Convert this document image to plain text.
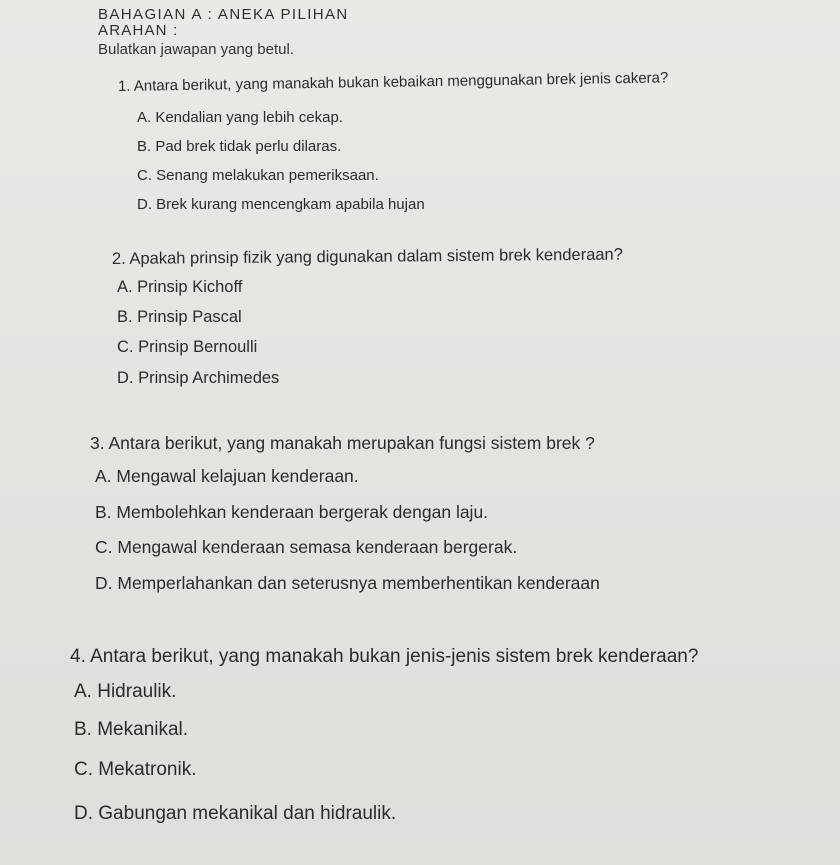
BAHAGIAN A : ANEKA PILIHAN
ARAHAN :
Bulatkan jawapan yang betul.
1. Antara berikut, yang manakah bukan kebaikan menggunakan brek jenis cakera?
A. Kendalian yang lebih cekap.
B. Pad brek tidak perlu dilaras.
C. Senang melakukan pemeriksaan.
D. Brek kurang mencengkam apabila hujan
2. Apakah prinsip fizik yang digunakan dalam sistem brek kenderaan?
A. Prinsip Kichoff
B. Prinsip Pascal
C. Prinsip Bernoulli
D. Prinsip Archimedes
3. Antara berikut, yang manakah merupakan fungsi sistem brek ?
A. Mengawal kelajuan kenderaan.
B. Membolehkan kenderaan bergerak dengan laju.
C. Mengawal kenderaan semasa kenderaan bergerak.
D. Memperlahankan dan seterusnya memberhentikan kenderaan
4. Antara berikut, yang manakah bukan jenis-jenis sistem brek kenderaan?
A. Hidraulik.
B. Mekanikal.
C. Mekatronik.
D. Gabungan mekanikal dan hidraulik.
